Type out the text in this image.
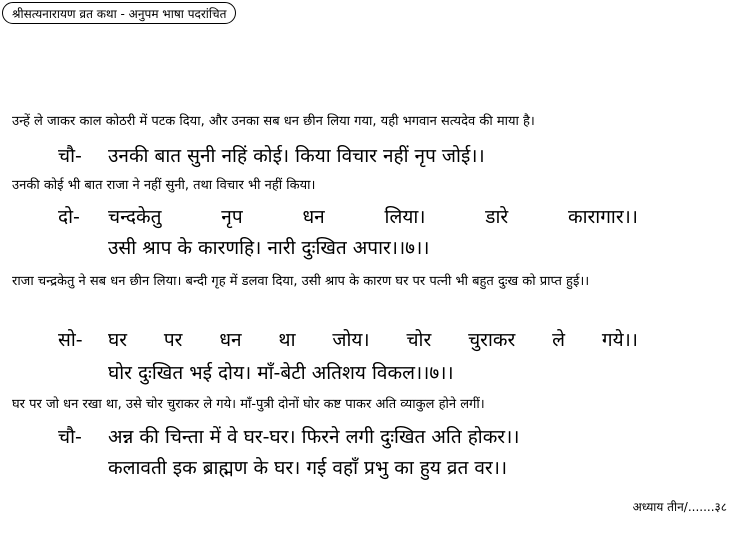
श्रीसत्यनारायण व्रत कथा - अनुपम भाषा पदरांचित
उन्हें ले जाकर काल कोठरी में पटक दिया, और उनका सब धन छीन लिया गया, यही भगवान सत्यदेव की माया है।
चौ- उनकी बात सुनी नहिं कोई। किया विचार नहीं नृप जोई।।
उनकी कोई भी बात राजा ने नहीं सुनी, तथा विचार भी नहीं किया।
दो- चन्दकेतु नृप धन लिया। डारे कारागार।।
उसी श्राप के कारणहि। नारी दुःखित अपार।।७।।
राजा चन्द्रकेतु ने सब धन छीन लिया। बन्दी गृह में डलवा दिया, उसी श्राप के कारण घर पर पत्नी भी बहुत दुःख को प्राप्त हुई।।
सो- घर पर धन था जोय। चोर चुराकर ले गये।।
घोर दुःखित भई दोय। माँ-बेटी अतिशय विकल।।७।।
घर पर जो धन रखा था, उसे चोर चुराकर ले गये। माँ-पुत्री दोनों घोर कष्ट पाकर अति व्याकुल होने लगीं।
चौ- अन्न की चिन्ता में वे घर-घर। फिरने लगी दुःखित अति होकर।।
कलावती इक ब्राह्मण के घर। गई वहाँ प्रभु का हुय व्रत वर।।
अध्याय तीन/.......३८
